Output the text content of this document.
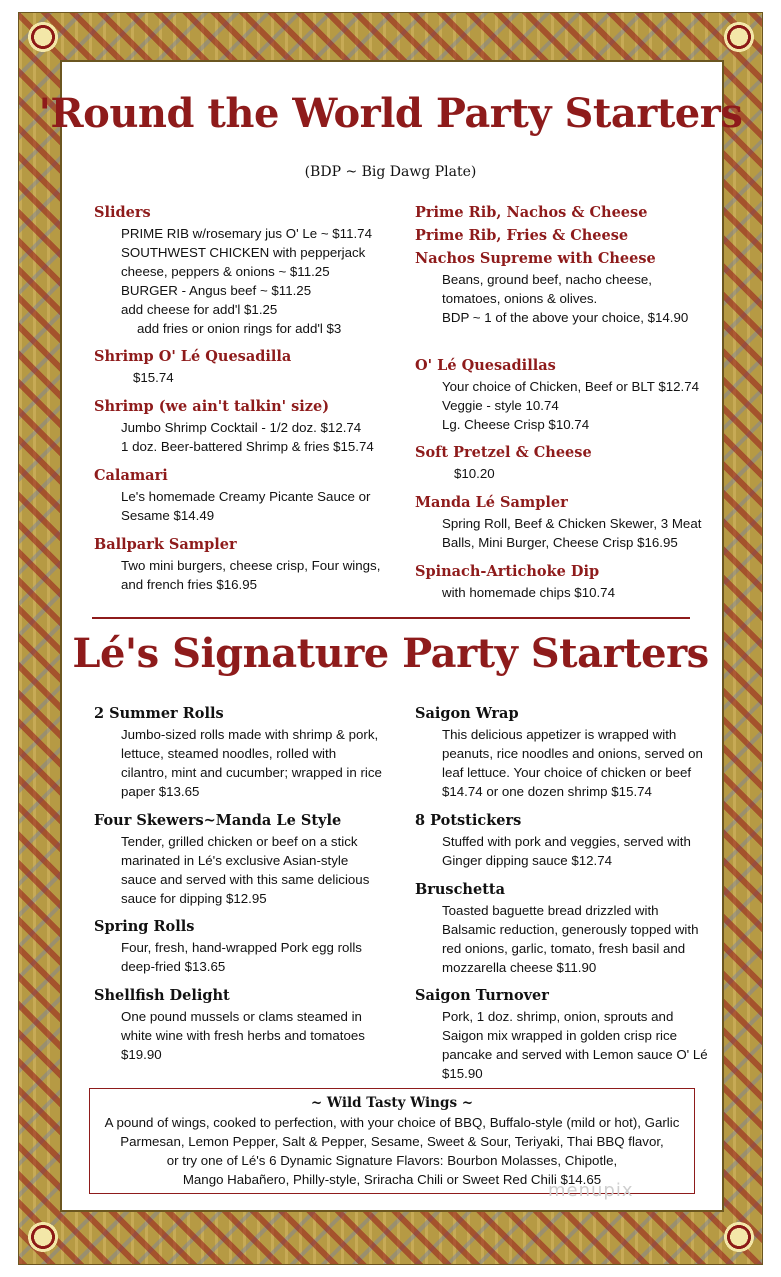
'Round the World Party Starters
(BDP ~ Big Dawg Plate)
Sliders
PRIME RIB w/rosemary jus O' Le ~ $11.74
SOUTHWEST CHICKEN with pepperjack
cheese, peppers & onions ~ $11.25
BURGER - Angus beef ~ $11.25
add cheese for add'l $1.25
add fries or onion rings for add'l $3
Shrimp O' Lé Quesadilla
$15.74
Shrimp (we ain't talkin' size)
Jumbo Shrimp Cocktail - 1/2 doz. $12.74
1 doz. Beer-battered Shrimp & fries $15.74
Calamari
Le's homemade Creamy Picante Sauce or
Sesame $14.49
Ballpark Sampler
Two mini burgers, cheese crisp, Four wings,
and french fries $16.95
Prime Rib, Nachos & Cheese
Prime Rib, Fries & Cheese
Nachos Supreme with Cheese
Beans, ground beef, nacho cheese,
tomatoes, onions & olives.
BDP ~ 1 of the above your choice, $14.90
O' Lé Quesadillas
Your choice of Chicken, Beef or BLT $12.74
Veggie - style 10.74
Lg. Cheese Crisp $10.74
Soft Pretzel & Cheese
$10.20
Manda Lé Sampler
Spring Roll, Beef & Chicken Skewer, 3 Meat
Balls, Mini Burger, Cheese Crisp $16.95
Spinach-Artichoke Dip
with homemade chips $10.74
Lé's Signature Party Starters
2 Summer Rolls
Jumbo-sized rolls made with shrimp & pork,
lettuce, steamed noodles, rolled with
cilantro, mint and cucumber; wrapped in rice
paper $13.65
Four Skewers~Manda Le Style
Tender, grilled chicken or beef on a stick
marinated in Lé's exclusive Asian-style
sauce and served with this same delicious
sauce for dipping $12.95
Spring Rolls
Four, fresh, hand-wrapped Pork egg rolls
deep-fried $13.65
Shellfish Delight
One pound mussels or clams steamed in
white wine with fresh herbs and tomatoes
$19.90
Saigon Wrap
This delicious appetizer is wrapped with
peanuts, rice noodles and onions, served on
leaf lettuce. Your choice of chicken or beef
$14.74 or one dozen shrimp $15.74
8 Potstickers
Stuffed with pork and veggies, served with
Ginger dipping sauce $12.74
Bruschetta
Toasted baguette bread drizzled with
Balsamic reduction, generously topped with
red onions, garlic, tomato, fresh basil and
mozzarella cheese $11.90
Saigon Turnover
Pork, 1 doz. shrimp, onion, sprouts and
Saigon mix wrapped in golden crisp rice
pancake and served with Lemon sauce O' Lé
$15.90
~ Wild Tasty Wings ~
A pound of wings, cooked to perfection, with your choice of BBQ, Buffalo-style (mild or hot), Garlic
Parmesan, Lemon Pepper, Salt & Pepper, Sesame, Sweet & Sour, Teriyaki, Thai BBQ flavor,
or try one of Lé's 6 Dynamic Signature Flavors: Bourbon Molasses, Chipotle,
Mango Habañero, Philly-style, Sriracha Chili or Sweet Red Chili $14.65
menupix
